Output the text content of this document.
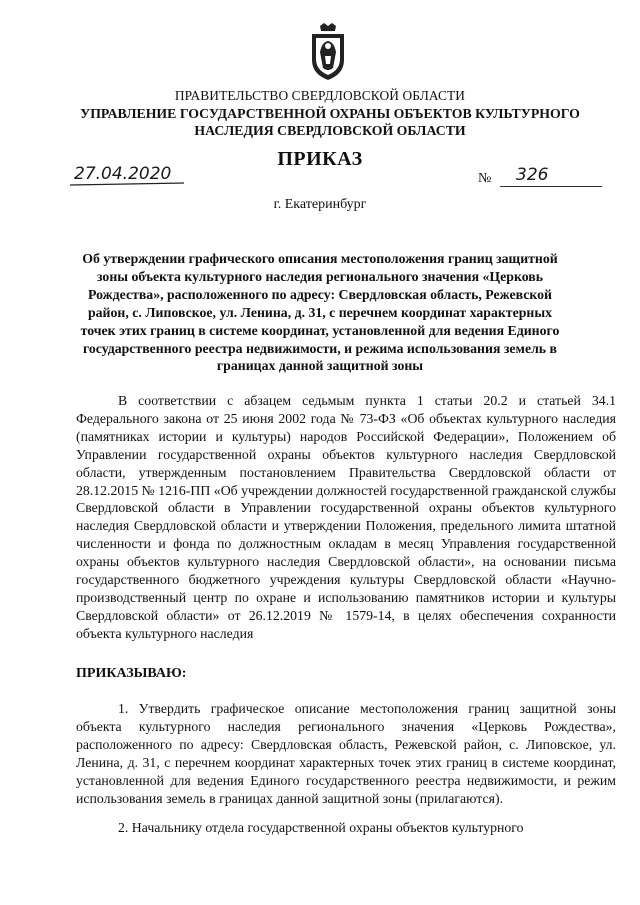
ПРАВИТЕЛЬСТВО СВЕРДЛОВСКОЙ ОБЛАСТИ
УПРАВЛЕНИЕ ГОСУДАРСТВЕННОЙ ОХРАНЫ ОБЪЕКТОВ КУЛЬТУРНОГО НАСЛЕДИЯ СВЕРДЛОВСКОЙ ОБЛАСТИ
ПРИКАЗ
27.04.2020	№ 326
г. Екатеринбург
Об утверждении графического описания местоположения границ защитной зоны объекта культурного наследия регионального значения «Церковь Рождества», расположенного по адресу: Свердловская область, Режевской район, с. Липовское, ул. Ленина, д. 31, с перечнем координат характерных точек этих границ в системе координат, установленной для ведения Единого государственного реестра недвижимости, и режима использования земель в границах данной защитной зоны
В соответствии с абзацем седьмым пункта 1 статьи 20.2 и статьей 34.1 Федерального закона от 25 июня 2002 года № 73-ФЗ «Об объектах культурного наследия (памятниках истории и культуры) народов Российской Федерации», Положением об Управлении государственной охраны объектов культурного наследия Свердловской области, утвержденным постановлением Правительства Свердловской области от 28.12.2015 № 1216-ПП «Об учреждении должностей государственной гражданской службы Свердловской области в Управлении государственной охраны объектов культурного наследия Свердловской области и утверждении Положения, предельного лимита штатной численности и фонда по должностным окладам в месяц Управления государственной охраны объектов культурного наследия Свердловской области», на основании письма государственного бюджетного учреждения культуры Свердловской области «Научно-производственный центр по охране и использованию памятников истории и культуры Свердловской области» от 26.12.2019 № 1579-14, в целях обеспечения сохранности объекта культурного наследия
ПРИКАЗЫВАЮ:
1. Утвердить графическое описание местоположения границ защитной зоны объекта культурного наследия регионального значения «Церковь Рождества», расположенного по адресу: Свердловская область, Режевской район, с. Липовское, ул. Ленина, д. 31, с перечнем координат характерных точек этих границ в системе координат, установленной для ведения Единого государственного реестра недвижимости, и режим использования земель в границах данной защитной зоны (прилагаются).
2. Начальнику отдела государственной охраны объектов культурного
